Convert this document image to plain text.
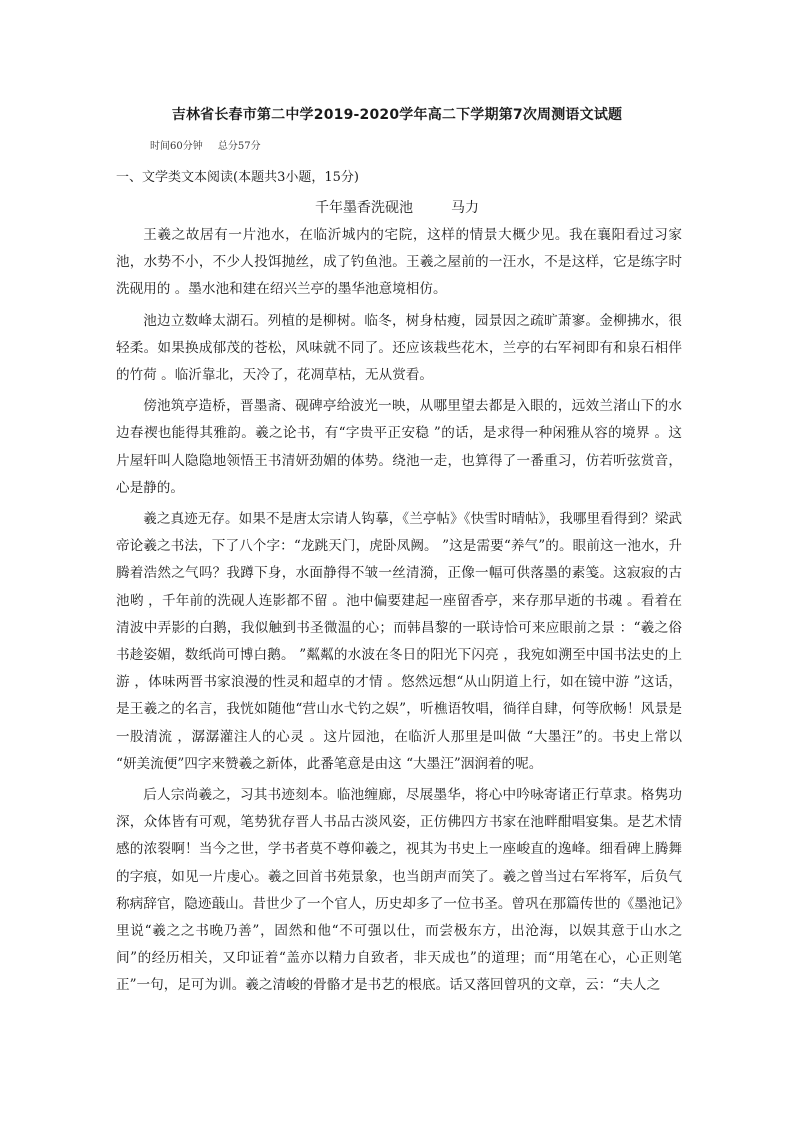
吉林省长春市第二中学2019-2020学年高二下学期第7次周测语文试题
时间60分钟 总分57分
一、文学类文本阅读(本题共3小题，15分)
千年墨香洗砚池	马力

王羲之故居有一片池水，在临沂城内的宅院，这样的情景大概少见。我在襄阳看过习家池，水势不小，不少人投饵抛丝，成了钓鱼池。王羲之屋前的一汪水，不是这样，它是练字时洗砚用的 。墨水池和建在绍兴兰亭的墨华池意境相仿。

池边立数峰太湖石。列植的是柳树。临冬，树身枯瘦，园景因之疏旷萧寥。金柳拂水，很轻柔。如果换成郁茂的苍松，风味就不同了。还应该栽些花木，兰亭的右军祠即有和泉石相伴的竹荷 。临沂靠北，天冷了，花凋草枯，无从赏看。

傍池筑亭造桥，晋墨斋、砚碑亭给波光一映，从哪里望去都是入眼的，远效兰渚山下的水边春禊也能得其雅韵。羲之论书，有“字贵平正安稳 ”的话，是求得一种闲雅从容的境界 。这片屋轩叫人隐隐地领悟王书清妍劲媚的体势。绕池一走，也算得了一番重习，仿若听弦赏音，心是静的。

羲之真迹无存。如果不是唐太宗请人钩摹，《兰亭帖》《快雪时晴帖》，我哪里看得到？梁武帝论羲之书法，下了八个字：“龙跳天门，虎卧凤阙。 ”这是需要“养气”的。眼前这一池水，升腾着浩然之气吗？我蹲下身，水面静得不皱一丝清漪，正像一幅可供落墨的素笺。这寂寂的古池哟 ，千年前的洗砚人连影都不留 。池中偏要建起一座留香亭，来存那早逝的书魂 。看着在清波中弄影的白鹅，我似触到书圣微温的心；而韩昌黎的一联诗恰可来应眼前之景 ：“羲之俗书趁姿媚，数纸尚可博白鹅。 ”粼粼的水波在冬日的阳光下闪亮 ，我宛如溯至中国书法史的上游 ，体味两晋书家浪漫的性灵和超卓的才情 。悠然远想“从山阴道上行，如在镜中游 ”这话，是王羲之的名言，我恍如随他“营山水弋钓之娱”，听樵语牧唱，徜徉自肆，何等欣畅！风景是一股清流 ，潺潺灌注人的心灵 。这片园池，在临沂人那里是叫做 “大墨汪”的。书史上常以 “妍美流便”四字来赞羲之新体，此番笔意是由这 “大墨汪”洇润着的呢。

后人宗尚羲之，习其书迹刻本。临池缠廊，尽展墨华，将心中吟咏寄诸正行草隶。格隽功深，众体皆有可观，笔势犹存晋人书品古淡风姿，正仿佛四方书家在池畔酣唱宴集。是艺术情感的浓裂啊！当今之世，学书者莫不尊仰羲之，视其为书史上一座峻直的逸峰。细看碑上腾舞的字痕，如见一片虔心。羲之回首书苑景象，也当朗声而笑了。羲之曾当过右军将军，后负气称病辞官，隐迹蕺山。昔世少了一个官人，历史却多了一位书圣。曾巩在那篇传世的《墨池记》里说“羲之之书晚乃善”，固然和他“不可强以仕，而尝极东方，出沧海，以娱其意于山水之间”的经历相关，又印证着“盖亦以精力自致者，非天成也”的道理；而“用笔在心，心正则笔正”一句，足可为训。羲之清峻的骨骼才是书艺的根底。话又落回曾巩的文章，云：“夫人之
